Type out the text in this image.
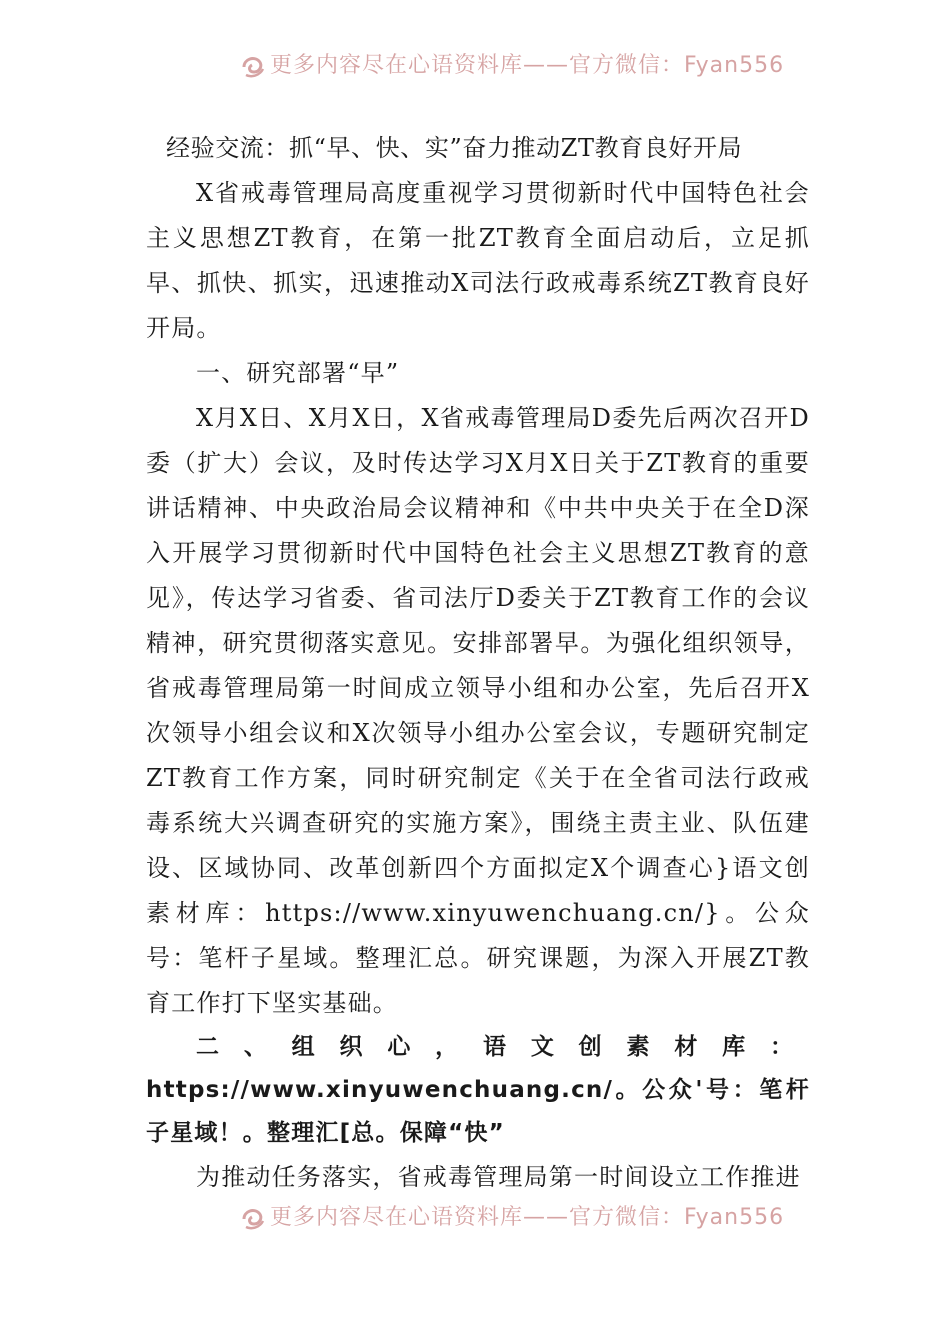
更多内容尽在心语资料库——官方微信：Fyan556

经验交流：抓“早、快、实”奋力推动ZT教育良好开局

X省戒毒管理局高度重视学习贯彻新时代中国特色社会主义思想ZT教育，在第一批ZT教育全面启动后，立足抓早、抓快、抓实，迅速推动X司法行政戒毒系统ZT教育良好开局。

一、研究部署“早”

X月X日、X月X日，X省戒毒管理局D委先后两次召开D委（扩大）会议，及时传达学习X月X日关于ZT教育的重要讲话精神、中央政治局会议精神和《中共中央关于在全D深入开展学习贯彻新时代中国特色社会主义思想ZT教育的意见》，传达学习省委、省司法厅D委关于ZT教育工作的会议精神，研究贯彻落实意见。安排部署早。为强化组织领导，省戒毒管理局第一时间成立领导小组和办公室，先后召开X次领导小组会议和X次领导小组办公室会议，专题研究制定ZT教育工作方案，同时研究制定《关于在全省司法行政戒毒系统大兴调查研究的实施方案》，围绕主责主业、队伍建设、区域协同、改革创新四个方面拟定X个调查心}语文创素材库：https://www.xinyuwenchuang.cn/}。公众号：笔杆子星域。整理汇总。研究课题，为深入开展ZT教育工作打下坚实基础。

二、组织心，语文创素材库：https://www.xinyuwenchuang.cn/。公众'号：笔杆子星域！。整理汇[总。保障“快”

为推动任务落实，省戒毒管理局第一时间设立工作推进

更多内容尽在心语资料库——官方微信：Fyan556
